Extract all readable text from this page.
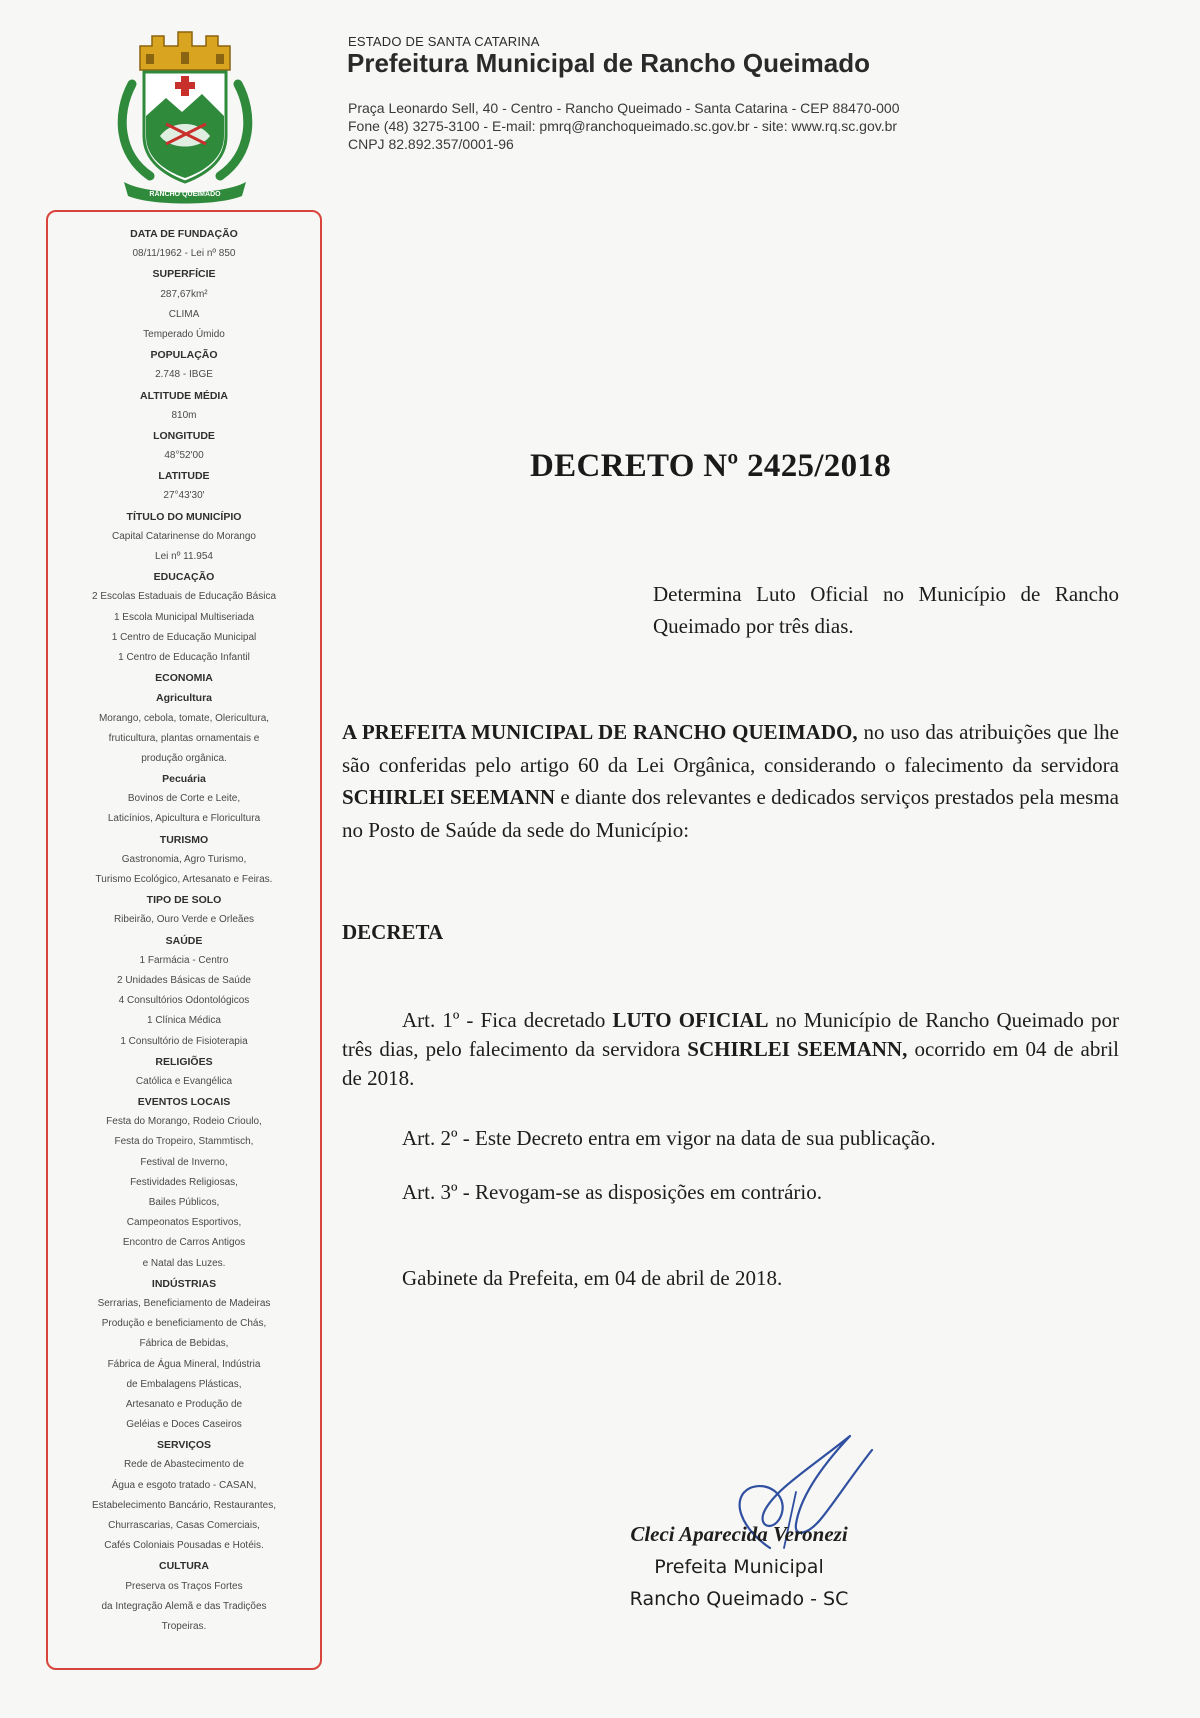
RANCHO QUEIMADO
ESTADO DE SANTA CATARINA
Prefeitura Municipal de Rancho Queimado
Praça Leonardo Sell, 40 - Centro - Rancho Queimado - Santa Catarina - CEP 88470-000
Fone (48) 3275-3100 - E-mail: pmrq@ranchoqueimado.sc.gov.br - site: www.rq.sc.gov.br
CNPJ 82.892.357/0001-96
DATA DE FUNDAÇÃO
08/11/1962 - Lei nº 850
SUPERFÍCIE
287,67km²
CLIMA
Temperado Úmido
POPULAÇÃO
2.748 - IBGE
ALTITUDE MÉDIA
810m
LONGITUDE
48°52'00
LATITUDE
27°43'30'
TÍTULO DO MUNICÍPIO
Capital Catarinense do Morango
Lei nº 11.954
EDUCAÇÃO
2 Escolas Estaduais de Educação Básica
1 Escola Municipal Multiseriada
1 Centro de Educação Municipal
1 Centro de Educação Infantil
ECONOMIA
Agricultura
Morango, cebola, tomate, Olericultura,
fruticultura, plantas ornamentais e
produção orgânica.
Pecuária
Bovinos de Corte e Leite,
Laticínios, Apicultura e Floricultura
TURISMO
Gastronomia, Agro Turismo,
Turismo Ecológico, Artesanato e Feiras.
TIPO DE SOLO
Ribeirão, Ouro Verde e Orleães
SAÚDE
1 Farmácia - Centro
2 Unidades Básicas de Saúde
4 Consultórios Odontológicos
1 Clínica Médica
1 Consultório de Fisioterapia
RELIGIÕES
Católica e Evangélica
EVENTOS LOCAIS
Festa do Morango, Rodeio Crioulo,
Festa do Tropeiro, Stammtisch,
Festival de Inverno,
Festividades Religiosas,
Bailes Públicos,
Campeonatos Esportivos,
Encontro de Carros Antigos
e Natal das Luzes.
INDÚSTRIAS
Serrarias, Beneficiamento de Madeiras
Produção e beneficiamento de Chás,
Fábrica de Bebidas,
Fábrica de Água Mineral, Indústria
de Embalagens Plásticas,
Artesanato e Produção de
Geléias e Doces Caseiros
SERVIÇOS
Rede de Abastecimento de
Água e esgoto tratado - CASAN,
Estabelecimento Bancário, Restaurantes,
Churrascarias, Casas Comerciais,
Cafés Coloniais Pousadas e Hotéis.
CULTURA
Preserva os Traços Fortes
da Integração Alemã e das Tradições
Tropeiras.
DECRETO Nº 2425/2018
Determina Luto Oficial no Município de Rancho Queimado por três dias.
A PREFEITA MUNICIPAL DE RANCHO QUEIMADO, no uso das atribuições que lhe são conferidas pelo artigo 60 da Lei Orgânica, considerando o falecimento da servidora SCHIRLEI SEEMANN e diante dos relevantes e dedicados serviços prestados pela mesma no Posto de Saúde da sede do Município:
DECRETA
Art. 1º - Fica decretado LUTO OFICIAL no Município de Rancho Queimado por três dias, pelo falecimento da servidora SCHIRLEI SEEMANN, ocorrido em 04 de abril de 2018.
Art. 2º - Este Decreto entra em vigor na data de sua publicação.
Art. 3º - Revogam-se as disposições em contrário.
Gabinete da Prefeita, em 04 de abril de 2018.
Cleci Aparecida Veronezi
Prefeita Municipal
Rancho Queimado - SC
